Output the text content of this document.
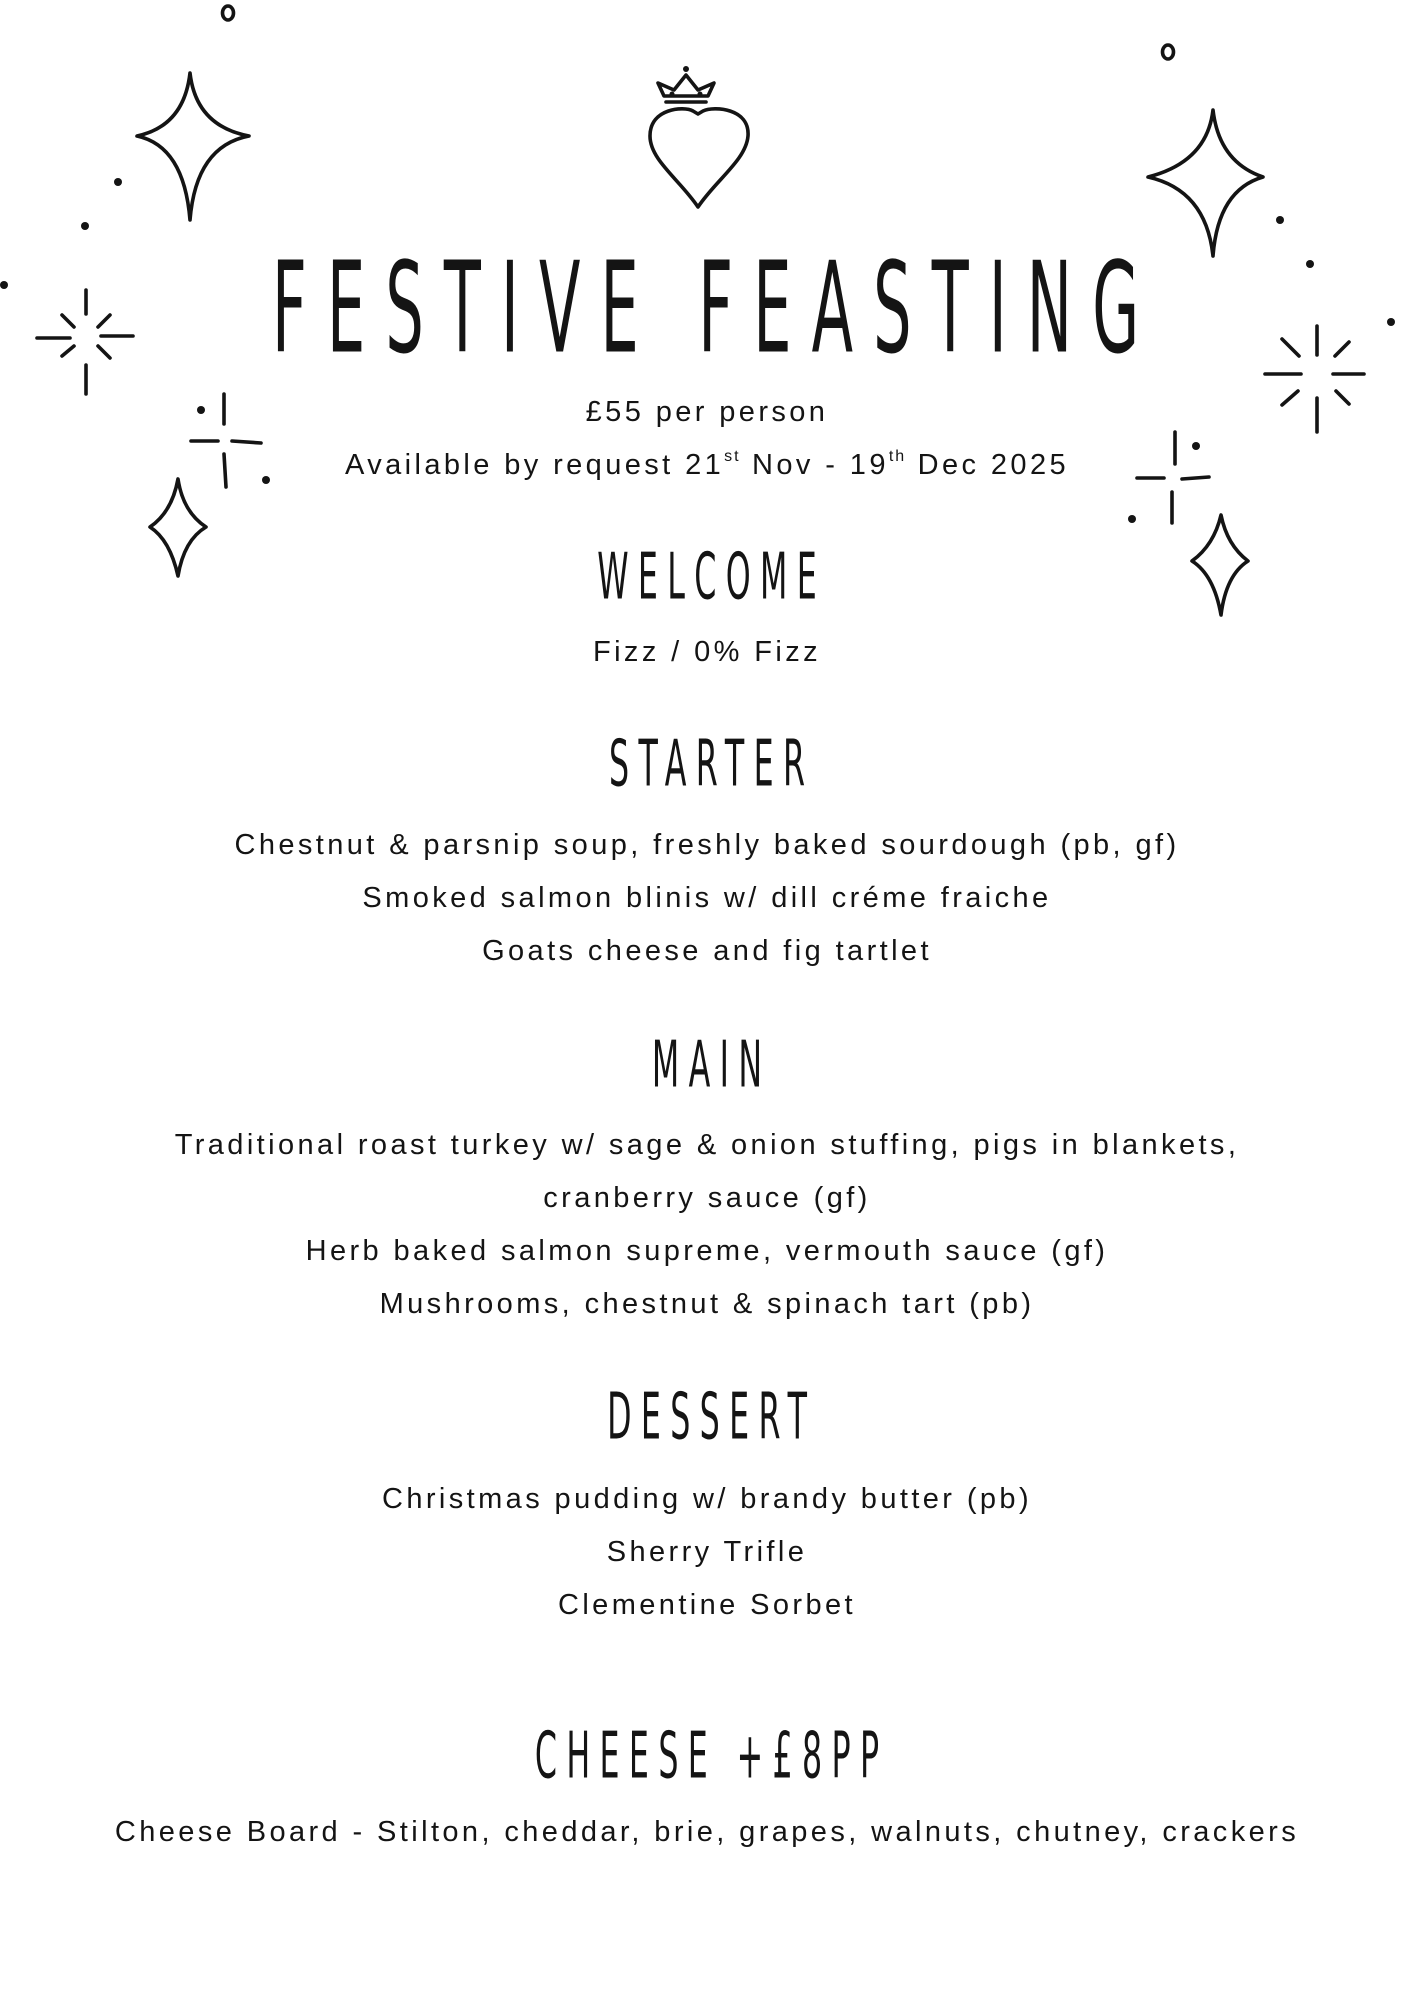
FESTIVE FEASTING

£55 per person

Available by request 21st Nov - 19th Dec 2025

WELCOME

Fizz / 0% Fizz

STARTER

Chestnut & parsnip soup, freshly baked sourdough (pb, gf)

Smoked salmon blinis w/ dill créme fraiche

Goats cheese and fig tartlet

MAIN

Traditional roast turkey w/ sage & onion stuffing, pigs in blankets,

cranberry sauce (gf)

Herb baked salmon supreme, vermouth sauce (gf)

Mushrooms, chestnut & spinach tart (pb)

DESSERT

Christmas pudding w/ brandy butter (pb)

Sherry Trifle

Clementine Sorbet

CHEESE +£8PP

Cheese Board - Stilton, cheddar, brie, grapes, walnuts, chutney, crackers
